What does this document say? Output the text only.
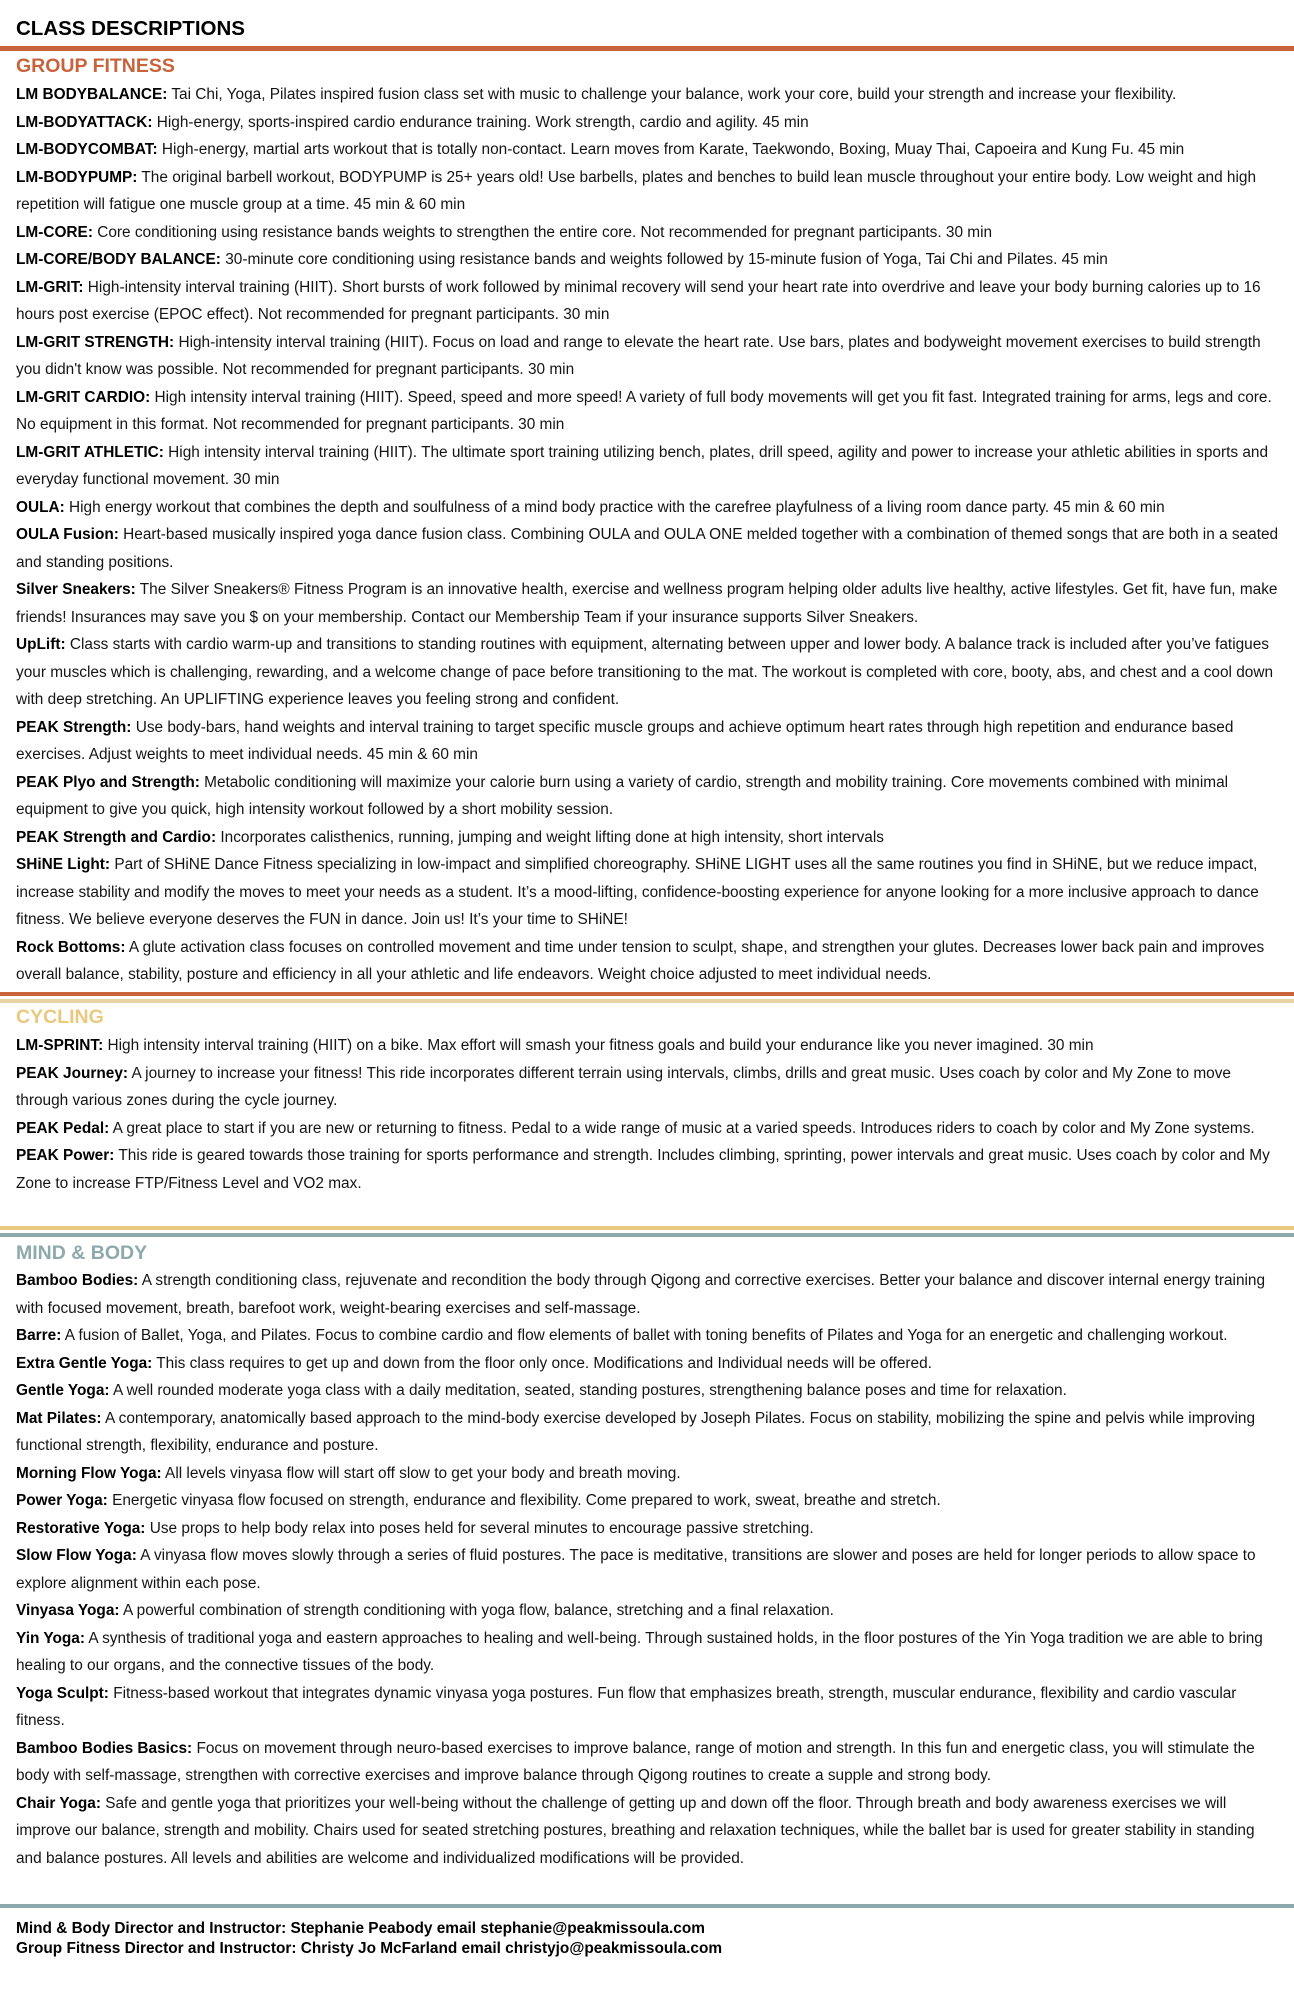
CLASS DESCRIPTIONS
GROUP FITNESS

LM BODYBALANCE: Tai Chi, Yoga, Pilates inspired fusion class set with music to challenge your balance, work your core, build your strength and increase your flexibility.

LM-BODYATTACK: High-energy, sports-inspired cardio endurance training. Work strength, cardio and agility. 45 min

LM-BODYCOMBAT: High-energy, martial arts workout that is totally non-contact. Learn moves from Karate, Taekwondo, Boxing, Muay Thai, Capoeira and Kung Fu. 45 min

LM-BODYPUMP: The original barbell workout, BODYPUMP is 25+ years old! Use barbells, plates and benches to build lean muscle throughout your entire body. Low weight and high repetition will fatigue one muscle group at a time. 45 min & 60 min

LM-CORE: Core conditioning using resistance bands weights to strengthen the entire core. Not recommended for pregnant participants. 30 min

LM-CORE/BODY BALANCE: 30-minute core conditioning using resistance bands and weights followed by 15-minute fusion of Yoga, Tai Chi and Pilates. 45 min

LM-GRIT: High-intensity interval training (HIIT). Short bursts of work followed by minimal recovery will send your heart rate into overdrive and leave your body burning calories up to 16 hours post exercise (EPOC effect). Not recommended for pregnant participants. 30 min

LM-GRIT STRENGTH: High-intensity interval training (HIIT). Focus on load and range to elevate the heart rate. Use bars, plates and bodyweight movement exercises to build strength you didn't know was possible. Not recommended for pregnant participants. 30 min

LM-GRIT CARDIO: High intensity interval training (HIIT). Speed, speed and more speed! A variety of full body movements will get you fit fast. Integrated training for arms, legs and core. No equipment in this format. Not recommended for pregnant participants. 30 min

LM-GRIT ATHLETIC: High intensity interval training (HIIT). The ultimate sport training utilizing bench, plates, drill speed, agility and power to increase your athletic abilities in sports and everyday functional movement. 30 min

OULA: High energy workout that combines the depth and soulfulness of a mind body practice with the carefree playfulness of a living room dance party. 45 min & 60 min

OULA Fusion: Heart-based musically inspired yoga dance fusion class. Combining OULA and OULA ONE melded together with a combination of themed songs that are both in a seated and standing positions.

Silver Sneakers: The Silver Sneakers® Fitness Program is an innovative health, exercise and wellness program helping older adults live healthy, active lifestyles. Get fit, have fun, make friends! Insurances may save you $ on your membership. Contact our Membership Team if your insurance supports Silver Sneakers.

UpLift: Class starts with cardio warm-up and transitions to standing routines with equipment, alternating between upper and lower body. A balance track is included after you’ve fatigues your muscles which is challenging, rewarding, and a welcome change of pace before transitioning to the mat. The workout is completed with core, booty, abs, and chest and a cool down with deep stretching. An UPLIFTING experience leaves you feeling strong and confident.

PEAK Strength: Use body-bars, hand weights and interval training to target specific muscle groups and achieve optimum heart rates through high repetition and endurance based exercises. Adjust weights to meet individual needs. 45 min & 60 min

PEAK Plyo and Strength: Metabolic conditioning will maximize your calorie burn using a variety of cardio, strength and mobility training. Core movements combined with minimal equipment to give you quick, high intensity workout followed by a short mobility session.

PEAK Strength and Cardio: Incorporates calisthenics, running, jumping and weight lifting done at high intensity, short intervals

SHiNE Light: Part of SHiNE Dance Fitness specializing in low-impact and simplified choreography. SHiNE LIGHT uses all the same routines you find in SHiNE, but we reduce impact, increase stability and modify the moves to meet your needs as a student. It’s a mood-lifting, confidence-boosting experience for anyone looking for a more inclusive approach to dance fitness. We believe everyone deserves the FUN in dance. Join us! It’s your time to SHiNE!

Rock Bottoms: A glute activation class focuses on controlled movement and time under tension to sculpt, shape, and strengthen your glutes. Decreases lower back pain and improves overall balance, stability, posture and efficiency in all your athletic and life endeavors. Weight choice adjusted to meet individual needs.

CYCLING

LM-SPRINT: High intensity interval training (HIIT) on a bike. Max effort will smash your fitness goals and build your endurance like you never imagined. 30 min

PEAK Journey: A journey to increase your fitness! This ride incorporates different terrain using intervals, climbs, drills and great music. Uses coach by color and My Zone to move through various zones during the cycle journey.

PEAK Pedal: A great place to start if you are new or returning to fitness. Pedal to a wide range of music at a varied speeds. Introduces riders to coach by color and My Zone systems.

PEAK Power: This ride is geared towards those training for sports performance and strength. Includes climbing, sprinting, power intervals and great music. Uses coach by color and My Zone to increase FTP/Fitness Level and VO2 max.

MIND & BODY

Bamboo Bodies: A strength conditioning class, rejuvenate and recondition the body through Qigong and corrective exercises. Better your balance and discover internal energy training with focused movement, breath, barefoot work, weight-bearing exercises and self-massage.

Barre: A fusion of Ballet, Yoga, and Pilates. Focus to combine cardio and flow elements of ballet with toning benefits of Pilates and Yoga for an energetic and challenging workout.

Extra Gentle Yoga: This class requires to get up and down from the floor only once. Modifications and Individual needs will be offered.

Gentle Yoga: A well rounded moderate yoga class with a daily meditation, seated, standing postures, strengthening balance poses and time for relaxation.

Mat Pilates: A contemporary, anatomically based approach to the mind-body exercise developed by Joseph Pilates. Focus on stability, mobilizing the spine and pelvis while improving functional strength, flexibility, endurance and posture.

Morning Flow Yoga: All levels vinyasa flow will start off slow to get your body and breath moving.

Power Yoga: Energetic vinyasa flow focused on strength, endurance and flexibility. Come prepared to work, sweat, breathe and stretch.

Restorative Yoga: Use props to help body relax into poses held for several minutes to encourage passive stretching.

Slow Flow Yoga: A vinyasa flow moves slowly through a series of fluid postures. The pace is meditative, transitions are slower and poses are held for longer periods to allow space to explore alignment within each pose.

Vinyasa Yoga: A powerful combination of strength conditioning with yoga flow, balance, stretching and a final relaxation.

Yin Yoga: A synthesis of traditional yoga and eastern approaches to healing and well-being. Through sustained holds, in the floor postures of the Yin Yoga tradition we are able to bring healing to our organs, and the connective tissues of the body.

Yoga Sculpt: Fitness-based workout that integrates dynamic vinyasa yoga postures. Fun flow that emphasizes breath, strength, muscular endurance, flexibility and cardio vascular fitness.

Bamboo Bodies Basics: Focus on movement through neuro-based exercises to improve balance, range of motion and strength. In this fun and energetic class, you will stimulate the body with self-massage, strengthen with corrective exercises and improve balance through Qigong routines to create a supple and strong body.

Chair Yoga: Safe and gentle yoga that prioritizes your well-being without the challenge of getting up and down off the floor. Through breath and body awareness exercises we will improve our balance, strength and mobility. Chairs used for seated stretching postures, breathing and relaxation techniques, while the ballet bar is used for greater stability in standing and balance postures. All levels and abilities are welcome and individualized modifications will be provided.

Mind & Body Director and Instructor: Stephanie Peabody email stephanie@peakmissoula.com
Group Fitness Director and Instructor: Christy Jo McFarland email christyjo@peakmissoula.com
